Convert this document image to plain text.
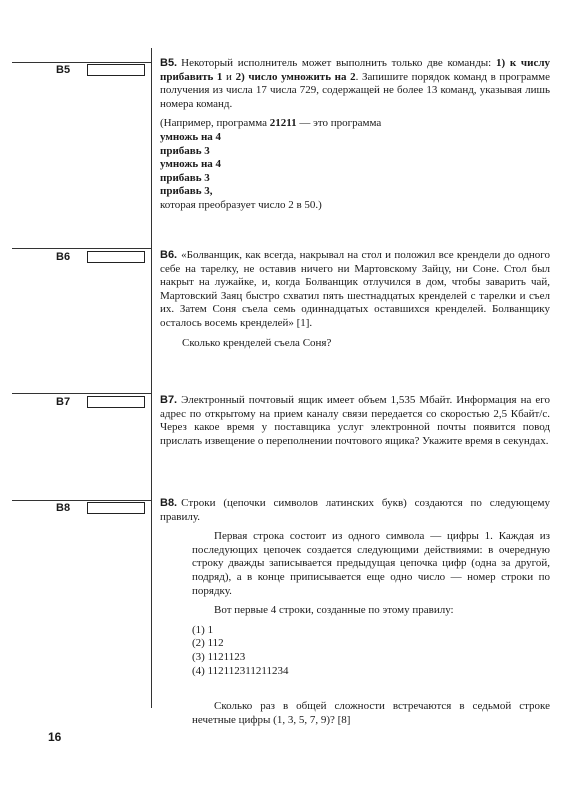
B5
B6
B7
B8

B5. Некоторый исполнитель может выполнить только две команды: 1) к числу прибавить 1 и 2) число умножить на 2. Запишите порядок команд в программе получения из числа 17 числа 729, содержащей не более 13 команд, указывая лишь номера команд.

(Например, программа 21211 — это программа
умножь на 4
прибавь 3
умножь на 4
прибавь 3
прибавь 3,
которая преобразует число 2 в 50.)

B6. «Болванщик, как всегда, накрывал на стол и положил все крендели до одного себе на тарелку, не оставив ничего ни Мартовскому Зайцу, ни Соне. Стол был накрыт на лужайке, и, когда Болванщик отлучился в дом, чтобы заварить чай, Мартовский Заяц быстро схватил пять шестнадцатых кренделей с тарелки и съел их. Затем Соня съела семь одиннадцатых оставшихся кренделей. Болванщику осталось восемь кренделей» [1].

Сколько кренделей съела Соня?

B7. Электронный почтовый ящик имеет объем 1,535 Мбайт. Информация на его адрес по открытому на прием каналу связи передается со скоростью 2,5 Кбайт/с. Через какое время у поставщика услуг электронной почты появится повод прислать извещение о переполнении почтового ящика? Укажите время в секундах.

B8. Строки (цепочки символов латинских букв) создаются по следующему правилу.

Первая строка состоит из одного символа — цифры 1. Каждая из последующих цепочек создается следующими действиями: в очередную строку дважды записывается предыдущая цепочка цифр (одна за другой, подряд), а в конце приписывается еще одно число — номер строки по порядку.

Вот первые 4 строки, созданные по этому правилу:

(1) 1
(2) 112
(3) 1121123
(4) 112112311211234

Сколько раз в общей сложности встречаются в седьмой строке нечетные цифры (1, 3, 5, 7, 9)? [8]

16
